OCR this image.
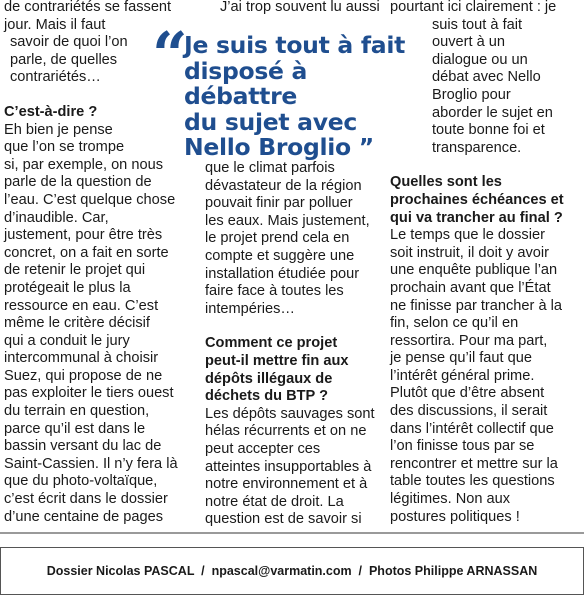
de contrariétés se fassent

jour. Mais il faut

savoir de quoi l’on

parle, de quelles

contrariétés…

C’est-à-dire ?

Eh bien je pense

que l’on se trompe

si, par exemple, on nous

parle de la question de

l’eau. C’est quelque chose

d’inaudible. Car,

justement, pour être très

concret, on a fait en sorte

de retenir le projet qui

protégeait le plus la

ressource en eau. C’est

même le critère décisif

qui a conduit le jury

intercommunal à choisir

Suez, qui propose de ne

pas exploiter le tiers ouest

du terrain en question,

parce qu’il est dans le

bassin versant du lac de

Saint-Cassien. Il n’y fera là

que du photo-voltaïque,

c’est écrit dans le dossier

d’une centaine de pages

J’ai trop souvent lu aussi

“
Je suis tout à fait
disposé à débattre
du sujet avec
Nello Broglio ”

que le climat parfois

dévastateur de la région

pouvait finir par polluer

les eaux. Mais justement,

le projet prend cela en

compte et suggère une

installation étudiée pour

faire face à toutes les

intempéries…

Comment ce projet

peut-il mettre fin aux

dépôts illégaux de

déchets du BTP ?

Les dépôts sauvages sont

hélas récurrents et on ne

peut accepter ces

atteintes insupportables à

notre environnement et à

notre état de droit. La

question est de savoir si

pourtant ici clairement : je

suis tout à fait

ouvert à un

dialogue ou un

débat avec Nello

Broglio pour

aborder le sujet en

toute bonne foi et

transparence.

Quelles sont les

prochaines échéances et

qui va trancher au final ?

Le temps que le dossier

soit instruit, il doit y avoir

une enquête publique l’an

prochain avant que l’État

ne finisse par trancher à la

fin, selon ce qu’il en

ressortira. Pour ma part,

je pense qu’il faut que

l’intérêt général prime.

Plutôt que d’être absent

des discussions, il serait

dans l’intérêt collectif que

l’on finisse tous par se

rencontrer et mettre sur la

table toutes les questions

légitimes. Non aux

postures politiques !

Dossier Nicolas PASCAL  /  npascal@varmatin.com  /  Photos Philippe ARNASSAN
